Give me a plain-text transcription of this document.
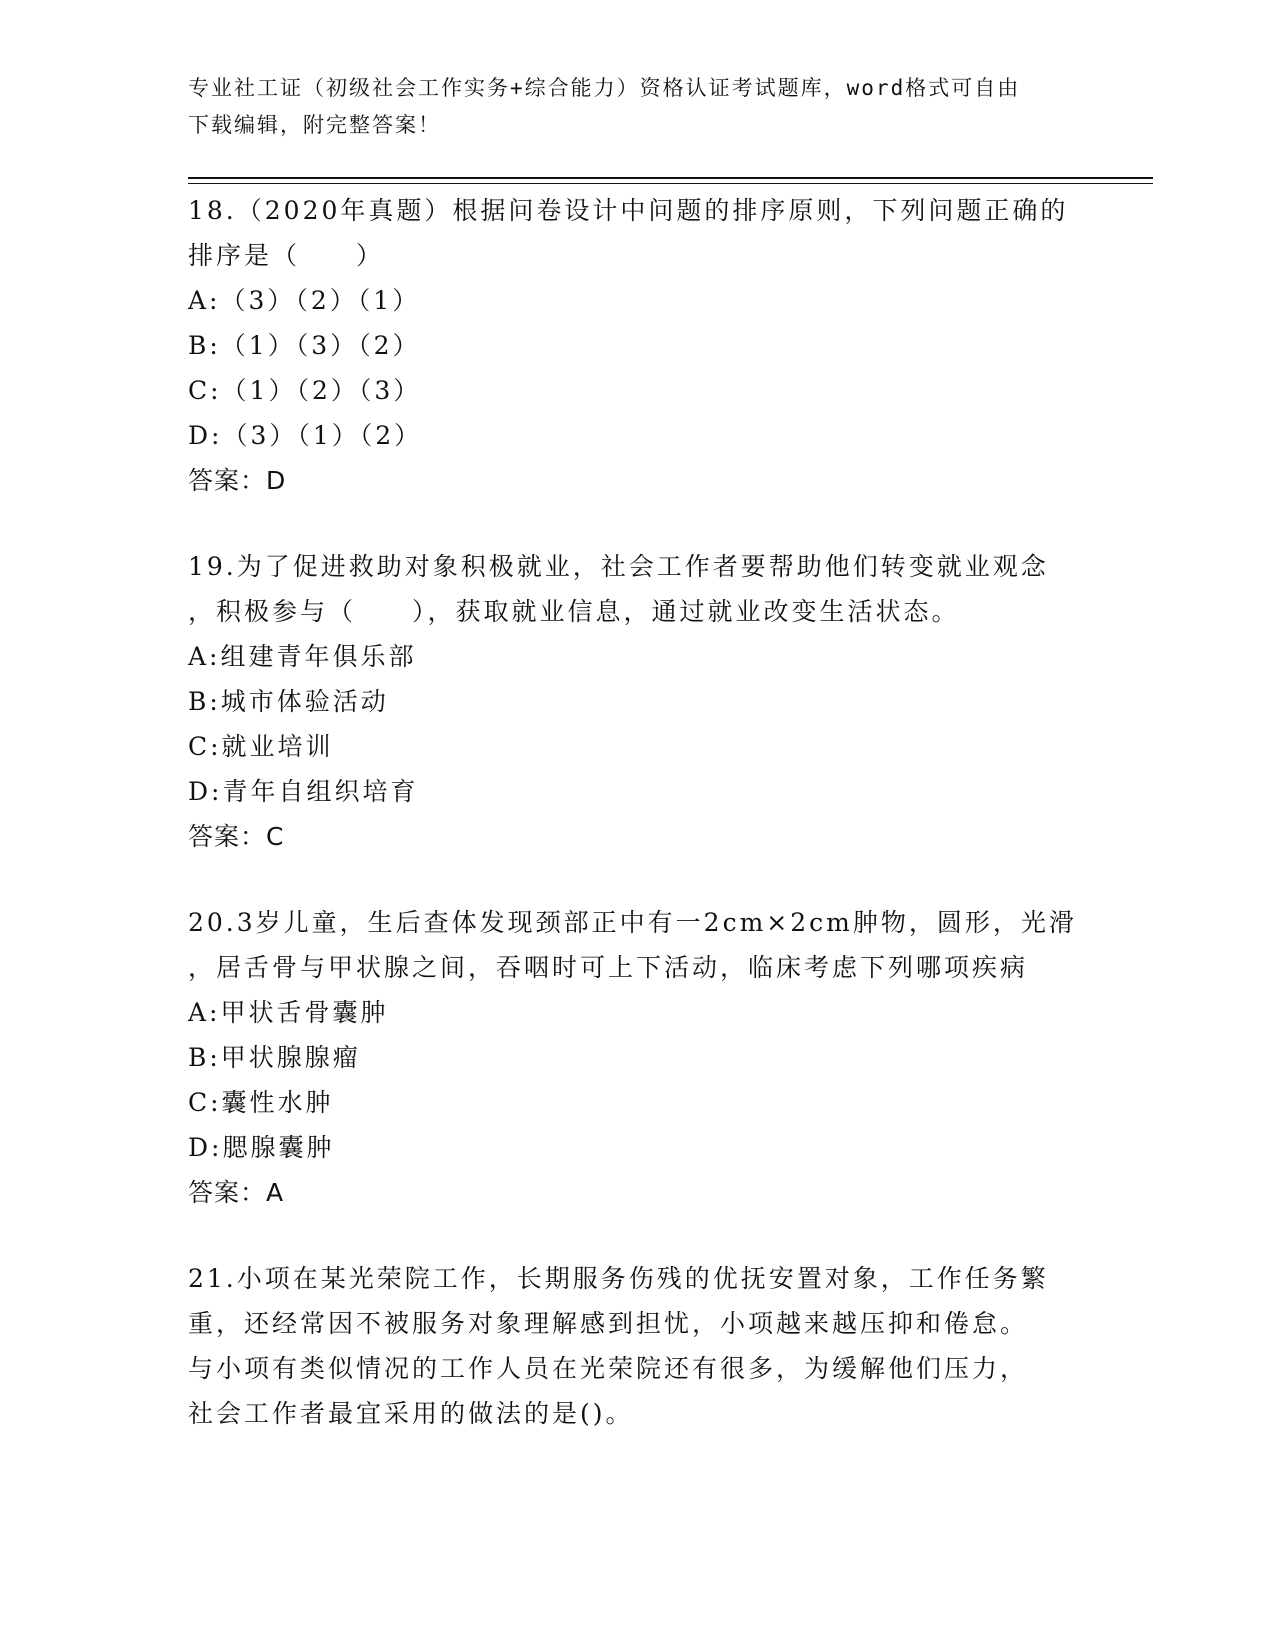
专业社工证（初级社会工作实务+综合能力）资格认证考试题库，word格式可自由
下载编辑，附完整答案！

18.（2020年真题）根据问卷设计中问题的排序原则，下列问题正确的

排序是（　　）

A:（3）（2）（1）

B:（1）（3）（2）

C:（1）（2）（3）

D:（3）（1）（2）

答案：D

19.为了促进救助对象积极就业，社会工作者要帮助他们转变就业观念

，积极参与（　　），获取就业信息，通过就业改变生活状态。

A:组建青年俱乐部

B:城市体验活动

C:就业培训

D:青年自组织培育

答案：C

20.3岁儿童，生后查体发现颈部正中有一2cm×2cm肿物，圆形，光滑

，居舌骨与甲状腺之间，吞咽时可上下活动，临床考虑下列哪项疾病

A:甲状舌骨囊肿

B:甲状腺腺瘤

C:囊性水肿

D:腮腺囊肿

答案：A

21.小项在某光荣院工作，长期服务伤残的优抚安置对象，工作任务繁

重，还经常因不被服务对象理解感到担忧，小项越来越压抑和倦怠。

与小项有类似情况的工作人员在光荣院还有很多，为缓解他们压力，

社会工作者最宜采用的做法的是()。
